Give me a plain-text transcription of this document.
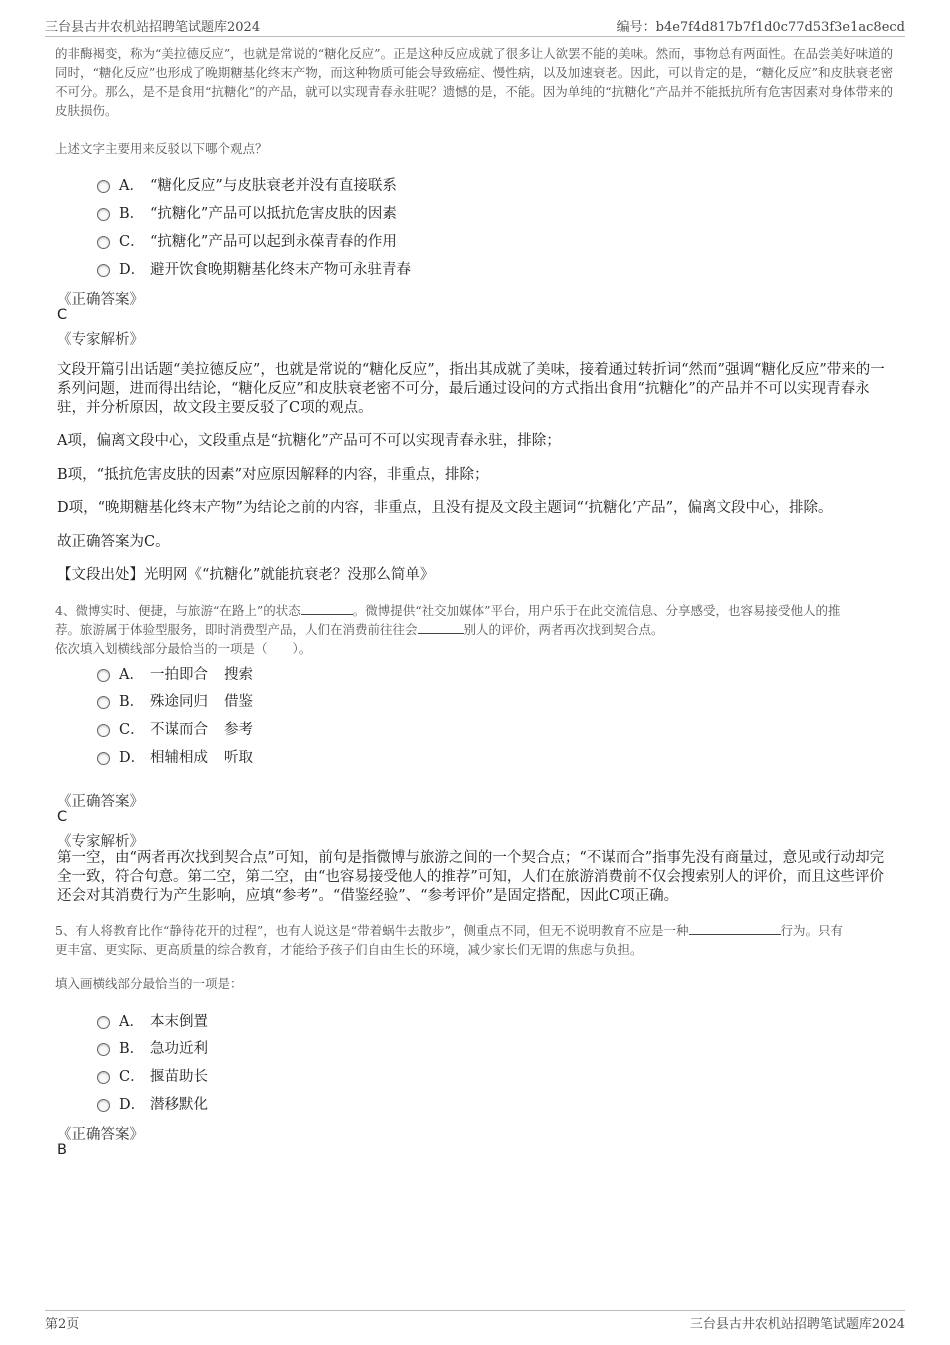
三台县古井农机站招聘笔试题库2024	编号：b4e7f4d817b7f1d0c77d53f3e1ac8ecd

的非酶褐变，称为“美拉德反应”，也就是常说的“糖化反应”。正是这种反应成就了很多让人欲罢不能的美味。然而，事物总有两面性。在品尝美好味道的同时，“糖化反应”也形成了晚期糖基化终末产物，而这种物质可能会导致癌症、慢性病，以及加速衰老。因此，可以肯定的是，“糖化反应”和皮肤衰老密不可分。那么，是不是食用“抗糖化”的产品，就可以实现青春永驻呢？遗憾的是，不能。因为单纯的“抗糖化”产品并不能抵抗所有危害因素对身体带来的皮肤损伤。

上述文字主要用来反驳以下哪个观点？

A． “糖化反应”与皮肤衰老并没有直接联系
B． “抗糖化”产品可以抵抗危害皮肤的因素
C． “抗糖化”产品可以起到永葆青春的作用
D． 避开饮食晚期糖基化终末产物可永驻青春
《正确答案》
C
《专家解析》

文段开篇引出话题“美拉德反应”，也就是常说的“糖化反应”，指出其成就了美味，接着通过转折词“然而”强调“糖化反应”带来的一系列问题，进而得出结论，“糖化反应”和皮肤衰老密不可分，最后通过设问的方式指出食用“抗糖化”的产品并不可以实现青春永驻，并分析原因，故文段主要反驳了C项的观点。

A项，偏离文段中心，文段重点是“抗糖化”产品可不可以实现青春永驻，排除；

B项，“抵抗危害皮肤的因素”对应原因解释的内容，非重点，排除；

D项，“晚期糖基化终末产物”为结论之前的内容，非重点，且没有提及文段主题词“‘抗糖化’产品”，偏离文段中心，排除。

故正确答案为C。

【文段出处】光明网《“抗糖化”就能抗衰老？没那么简单》

4、微博实时、便捷，与旅游“在路上”的状态	。微博提供“社交加媒体”平台，用户乐于在此交流信息、分享感受，也容易接受他人的推
荐。旅游属于体验型服务，即时消费型产品，人们在消费前往往会	别人的评价，两者再次找到契合点。
依次填入划横线部分最恰当的一项是（　　）。
A． 一拍即合 搜索
B． 殊途同归 借鉴
C． 不谋而合 参考
D． 相辅相成 听取
《正确答案》
C
《专家解析》

第一空，由“两者再次找到契合点”可知，前句是指微博与旅游之间的一个契合点；“不谋而合”指事先没有商量过，意见或行动却完全一致，符合句意。第二空，第二空，由“也容易接受他人的推荐”可知，人们在旅游消费前不仅会搜索别人的评价，而且这些评价还会对其消费行为产生影响，应填“参考”。“借鉴经验”、“参考评价”是固定搭配，因此C项正确。

5、有人将教育比作“静待花开的过程”，也有人说这是“带着蜗牛去散步”，侧重点不同，但无不说明教育不应是一种	行为。只有
更丰富、更实际、更高质量的综合教育，才能给予孩子们自由生长的环境，减少家长们无谓的焦虑与负担。

填入画横线部分最恰当的一项是：

A． 本末倒置
B． 急功近利
C． 揠苗助长
D． 潜移默化
《正确答案》
B
第2页	三台县古井农机站招聘笔试题库2024
